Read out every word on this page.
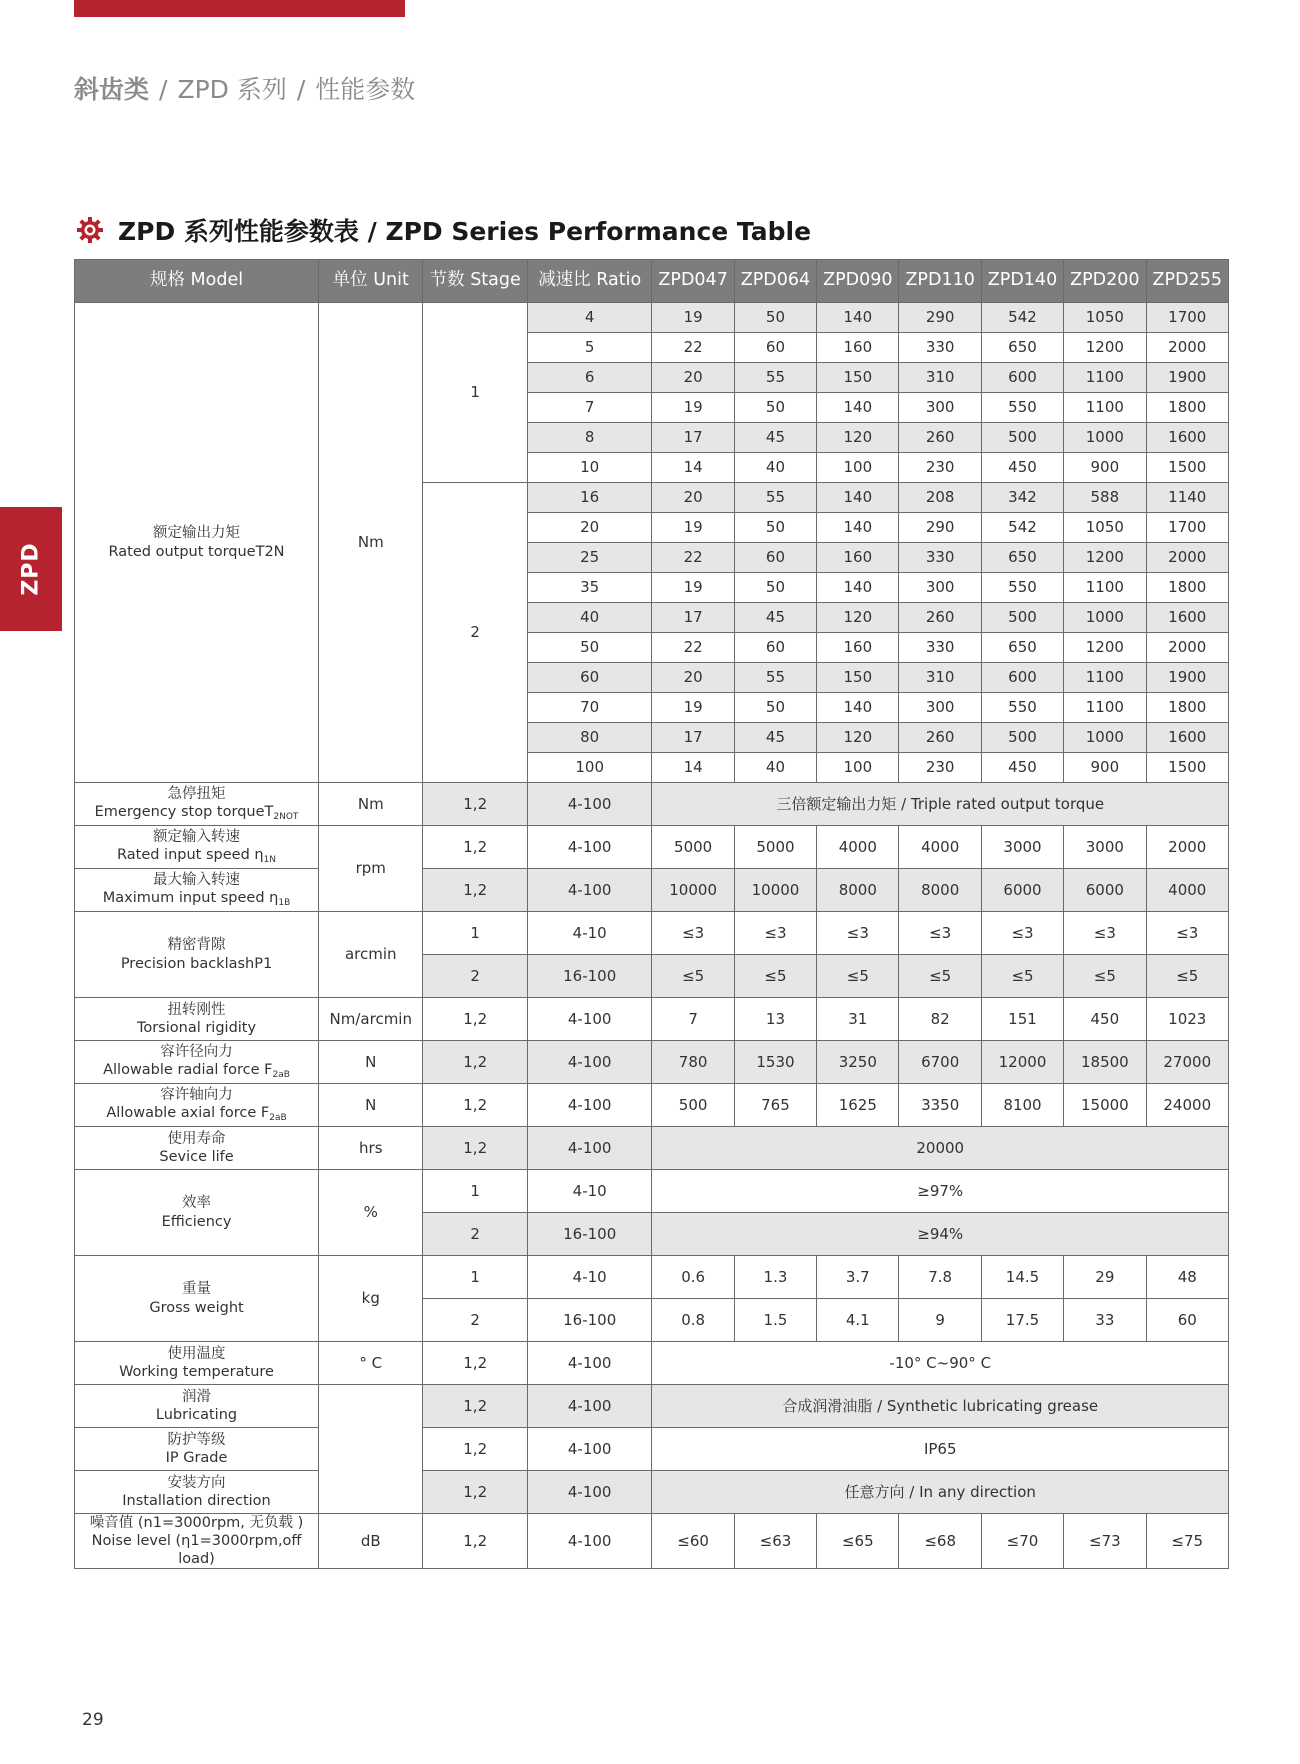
斜齿类 / ZPD 系列 / 性能参数
ZPD
ZPD 系列性能参数表 / ZPD Series Performance Table
规格 Model	单位 Unit	节数 Stage	减速比 Ratio	ZPD047	ZPD064	ZPD090	ZPD110	ZPD140	ZPD200	ZPD255

额定输出力矩
Rated output torqueT2N	Nm	1	4	19	50	140	290	542	1050	1700
			5	22	60	160	330	650	1200	2000
			6	20	55	150	310	600	1100	1900
			7	19	50	140	300	550	1100	1800
			8	17	45	120	260	500	1000	1600
			10	14	40	100	230	450	900	1500
		2	16	20	55	140	208	342	588	1140
			20	19	50	140	290	542	1050	1700
			25	22	60	160	330	650	1200	2000
			35	19	50	140	300	550	1100	1800
			40	17	45	120	260	500	1000	1600
			50	22	60	160	330	650	1200	2000
			60	20	55	150	310	600	1100	1900
			70	19	50	140	300	550	1100	1800
			80	17	45	120	260	500	1000	1600
			100	14	40	100	230	450	900	1500

急停扭矩
Emergency stop torqueT$_{2NOT}$	Nm	1,2	4-100	三倍额定输出力矩 / Triple rated output torque						

额定输入转速
Rated input speed $\eta_{1N}$	rpm	1,2	4-100	5000	5000	4000	4000	3000	3000	2000

最大输入转速
Maximum input speed $\eta_{1B}$		1,2	4-100	10000	10000	8000	8000	6000	6000	4000

精密背隙
Precision backlashP1	arcmin	1	4-10	≤3	≤3	≤3	≤3	≤3	≤3	≤3
		2	16-100	≤5	≤5	≤5	≤5	≤5	≤5	≤5

扭转刚性
Torsional rigidity	Nm/arcmin	1,2	4-100	7	13	31	82	151	450	1023

容许径向力
Allowable radial force $F_{2aB}$	N	1,2	4-100	780	1530	3250	6700	12000	18500	27000

容许轴向力
Allowable axial force $F_{2aB}$	N	1,2	4-100	500	765	1625	3350	8100	15000	24000

使用寿命
Sevice life	hrs	1,2	4-100	20000						

效率
Efficiency	%	1	4-10	≥97%						
		2	16-100	≥94%						

重量
Gross weight	kg	1	4-10	0.6	1.3	3.7	7.8	14.5	29	48
		2	16-100	0.8	1.5	4.1	9	17.5	33	60

使用温度
Working temperature	° C	1,2	4-100	-10° C~90° C						

润滑
Lubricating		1,2	4-100	合成润滑油脂 / Synthetic lubricating grease						

防护等级
IP Grade		1,2	4-100	IP65						

安装方向
Installation direction		1,2	4-100	任意方向 / In any direction						

噪音值 (n1=3000rpm, 无负载 )
Noise level (η1=3000rpm,off load)	dB	1,2	4-100	≤60	≤63	≤65	≤68	≤70	≤73	≤75
29
